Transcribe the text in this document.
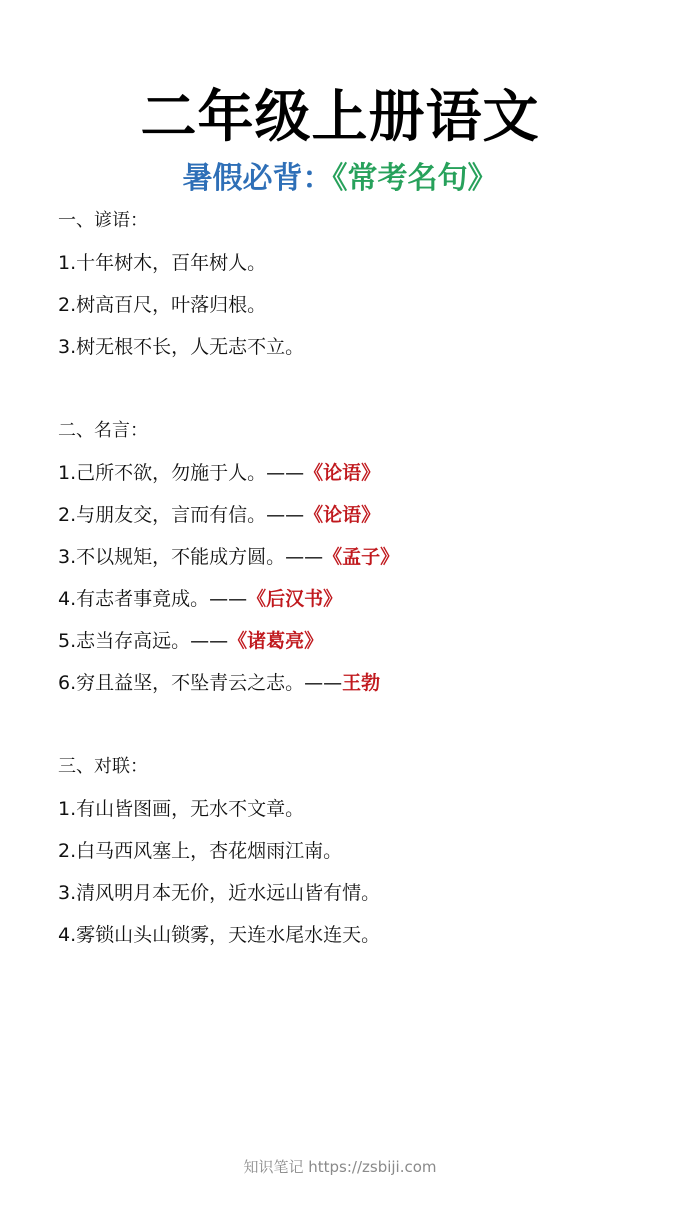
二年级上册语文
暑假必背：《常考名句》
一、谚语：
1.十年树木，百年树人。
2.树高百尺，叶落归根。
3.树无根不长，人无志不立。
二、名言：
1.己所不欲，勿施于人。——《论语》
2.与朋友交，言而有信。——《论语》
3.不以规矩，不能成方圆。——《孟子》
4.有志者事竟成。——《后汉书》
5.志当存高远。——《诸葛亮》
6.穷且益坚，不坠青云之志。——王勃
三、对联：
1.有山皆图画，无水不文章。
2.白马西风塞上，杏花烟雨江南。
3.清风明月本无价，近水远山皆有情。
4.雾锁山头山锁雾，天连水尾水连天。
知识笔记 https://zsbiji.com
